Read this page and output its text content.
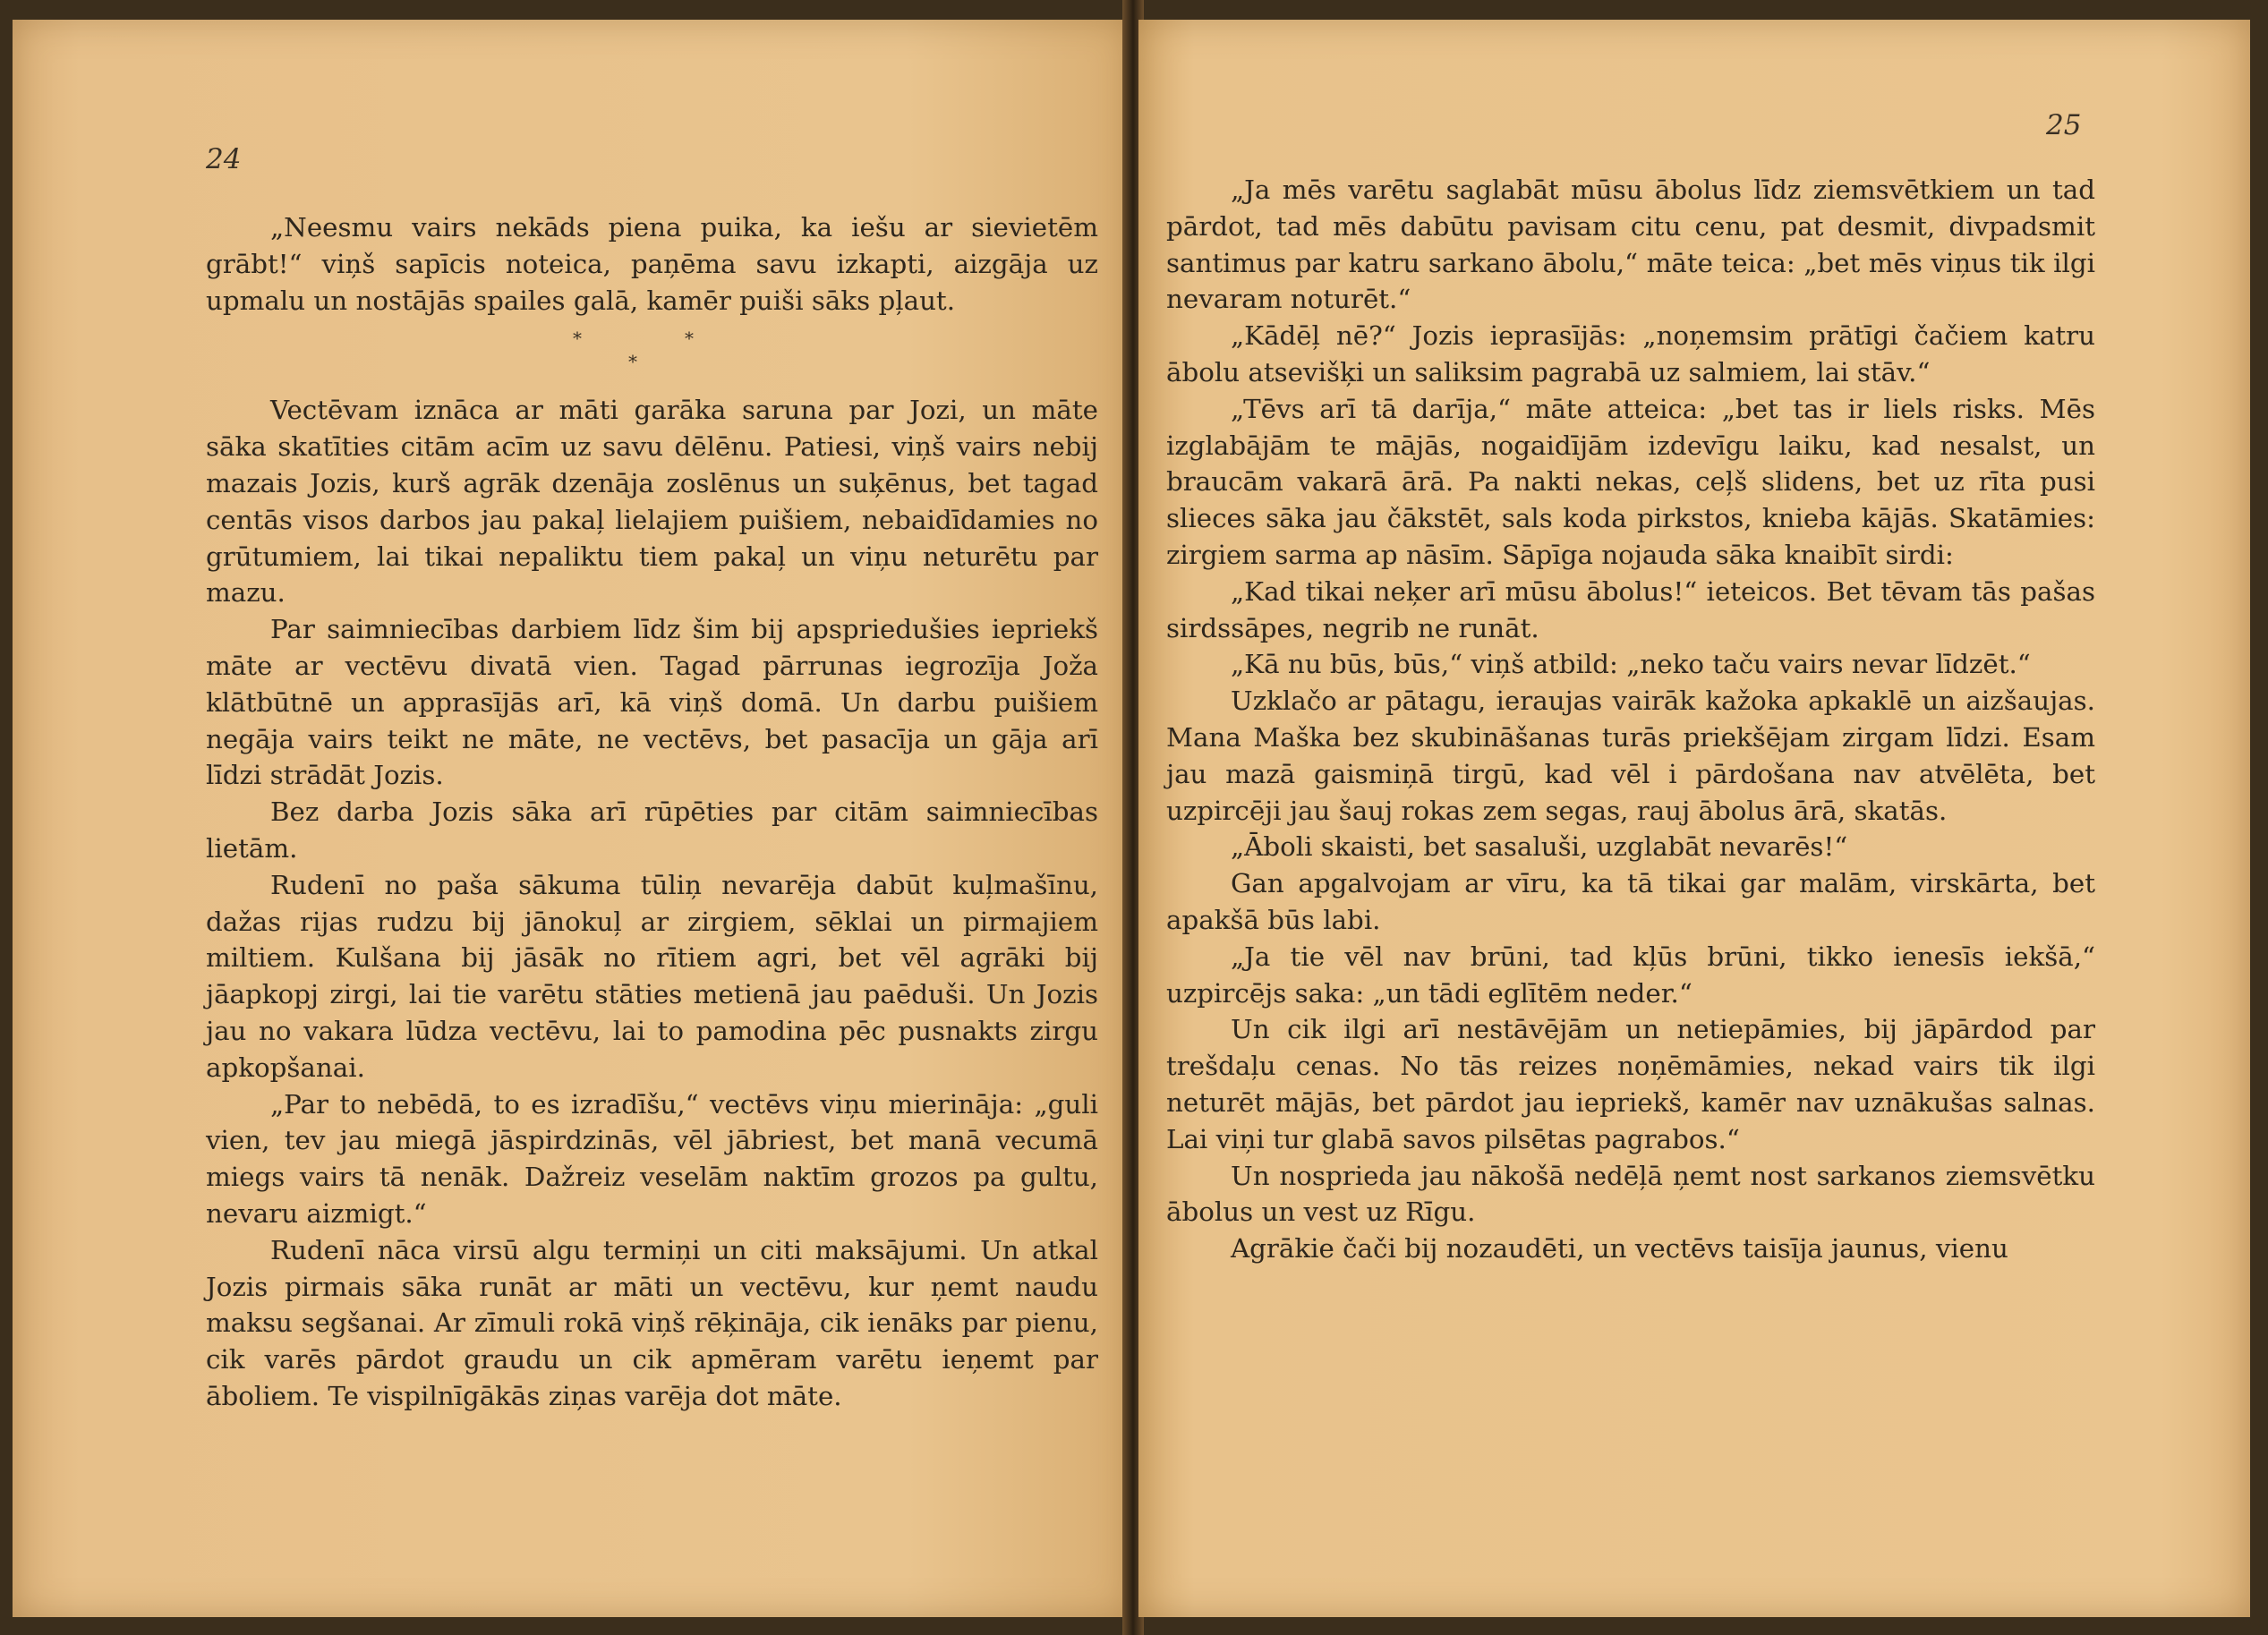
24

„Neesmu vairs nekāds piena puika, ka iešu ar sievietēm grābt!“ viņš sapīcis noteica, paņēma savu izkapti, aizgāja uz upmalu un nostājās spailes galā, kamēr puiši sāks pļaut.

*	*
*

Vectēvam iznāca ar māti garāka saruna par Jozi, un māte sāka skatīties citām acīm uz savu dēlēnu. Patiesi, viņš vairs nebij mazais Jozis, kurš agrāk dzenāja zoslēnus un suķēnus, bet tagad centās visos darbos jau pakaļ lielajiem puišiem, nebaidīdamies no grūtumiem, lai tikai nepaliktu tiem pakaļ un viņu neturētu par mazu.

Par saimniecības darbiem līdz šim bij apspriedušies iepriekš māte ar vectēvu divatā vien. Tagad pārrunas iegrozīja Joža klātbūtnē un apprasījās arī, kā viņš domā. Un darbu puišiem negāja vairs teikt ne māte, ne vectēvs, bet pasacīja un gāja arī līdzi strādāt Jozis.

Bez darba Jozis sāka arī rūpēties par citām saimniecības lietām.

Rudenī no paša sākuma tūliņ nevarēja dabūt kuļmašīnu, dažas rijas rudzu bij jānokuļ ar zirgiem, sēklai un pirmajiem miltiem. Kulšana bij jāsāk no rītiem agri, bet vēl agrāki bij jāapkopj zirgi, lai tie varētu stāties metienā jau paēduši. Un Jozis jau no vakara lūdza vectēvu, lai to pamodina pēc pusnakts zirgu apkopšanai.

„Par to nebēdā, to es izradīšu,“ vectēvs viņu mierināja: „guli vien, tev jau miegā jāspirdzinās, vēl jābriest, bet manā vecumā miegs vairs tā nenāk. Dažreiz veselām naktīm grozos pa gultu, nevaru aizmigt.“

Rudenī nāca virsū algu termiņi un citi maksājumi. Un atkal Jozis pirmais sāka runāt ar māti un vectēvu, kur ņemt naudu maksu segšanai. Ar zīmuli rokā viņš rēķināja, cik ienāks par pienu, cik varēs pārdot graudu un cik apmēram varētu ieņemt par āboliem. Te vispilnīgākās ziņas varēja dot māte.

25

„Ja mēs varētu saglabāt mūsu ābolus līdz ziemsvētkiem un tad pārdot, tad mēs dabūtu pavisam citu cenu, pat desmit, divpadsmit santimus par katru sarkano ābolu,“ māte teica: „bet mēs viņus tik ilgi nevaram noturēt.“

„Kādēļ nē?“ Jozis ieprasījās: „noņemsim prātīgi čačiem katru ābolu atsevišķi un saliksim pagrabā uz salmiem, lai stāv.“

„Tēvs arī tā darīja,“ māte atteica: „bet tas ir liels risks. Mēs izglabājām te mājās, nogaidījām izdevīgu laiku, kad nesalst, un braucām vakarā ārā. Pa nakti nekas, ceļš slidens, bet uz rīta pusi slieces sāka jau čākstēt, sals koda pirkstos, knieba kājās. Skatāmies: zirgiem sarma ap nāsīm. Sāpīga nojauda sāka knaibīt sirdi:

„Kad tikai neķer arī mūsu ābolus!“ ieteicos. Bet tēvam tās pašas sirdssāpes, negrib ne runāt.

„Kā nu būs, būs,“ viņš atbild: „neko taču vairs nevar līdzēt.“

Uzklačo ar pātagu, ieraujas vairāk kažoka apkaklē un aizšaujas. Mana Maška bez skubināšanas turās priekšējam zirgam līdzi. Esam jau mazā gaismiņā tirgū, kad vēl i pārdošana nav atvēlēta, bet uzpircēji jau šauj rokas zem segas, rauj ābolus ārā, skatās.

„Āboli skaisti, bet sasaluši, uzglabāt nevarēs!“

Gan apgalvojam ar vīru, ka tā tikai gar malām, virskārta, bet apakšā būs labi.

„Ja tie vēl nav brūni, tad kļūs brūni, tikko ienesīs iekšā,“ uzpircējs saka: „un tādi eglītēm neder.“

Un cik ilgi arī nestāvējām un netiepāmies, bij jāpārdod par trešdaļu cenas. No tās reizes noņēmāmies, nekad vairs tik ilgi neturēt mājās, bet pārdot jau iepriekš, kamēr nav uznākušas salnas. Lai viņi tur glabā savos pilsētas pagrabos.“

Un nosprieda jau nākošā nedēļā ņemt nost sarkanos ziemsvētku ābolus un vest uz Rīgu.

Agrākie čači bij nozaudēti, un vectēvs taisīja jaunus, vienu
